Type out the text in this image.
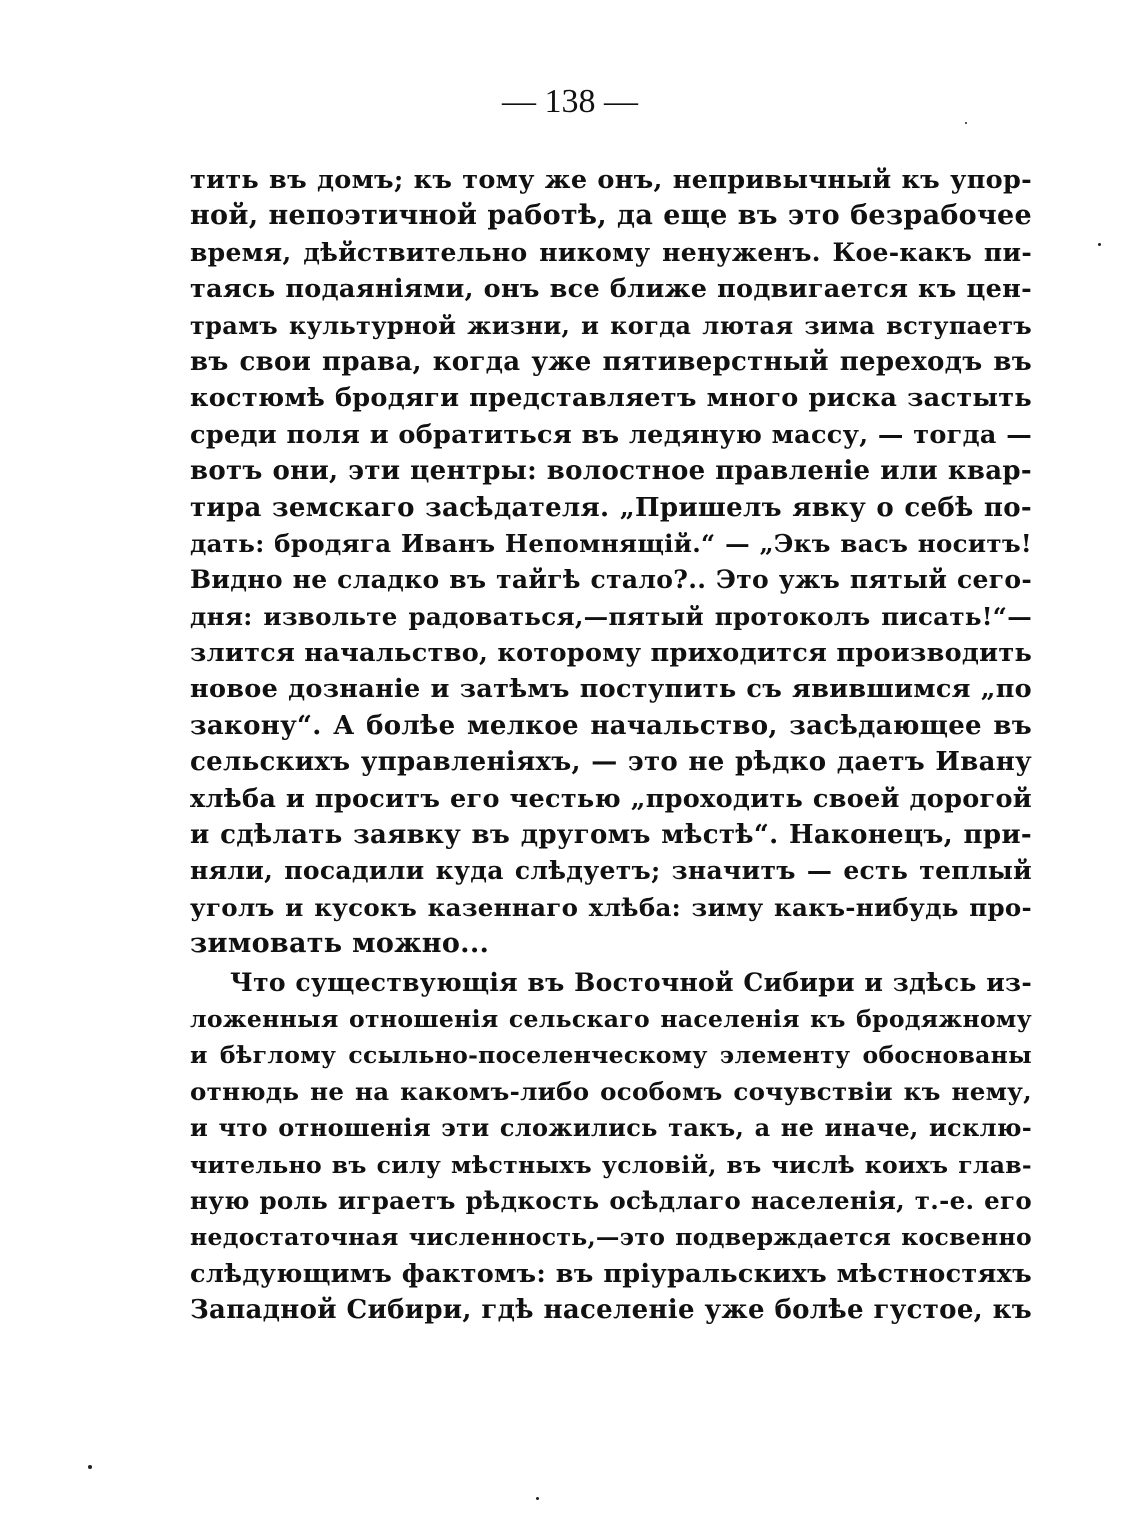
— 138 —
тить въ домъ; къ тому же онъ, непривычный къ упор-
ной, непоэтичной работѣ, да еще въ это безрабочее
время, дѣйствительно никому ненуженъ. Кое-какъ пи-
таясь подаяніями, онъ все ближе подвигается къ цен-
трамъ культурной жизни, и когда лютая зима вступаетъ
въ свои права, когда уже пятиверстный переходъ въ
костюмѣ бродяги представляетъ много риска застыть
среди поля и обратиться въ ледяную массу, — тогда —
вотъ они, эти центры: волостное правленіе или квар-
тира земскаго засѣдателя. „Пришелъ явку о себѣ по-
дать: бродяга Иванъ Непомнящій.“ — „Экъ васъ носитъ!
Видно не сладко въ тайгѣ стало?.. Это ужъ пятый сего-
дня: извольте радоваться,—пятый протоколъ писать!“—
злится начальство, которому приходится производить
новое дознаніе и затѣмъ поступить съ явившимся „по
закону“. А болѣе мелкое начальство, засѣдающее въ
сельскихъ управленіяхъ, — это не рѣдко даетъ Ивану
хлѣба и проситъ его честью „проходить своей дорогой
и сдѣлать заявку въ другомъ мѣстѣ“. Наконецъ, при-
няли, посадили куда слѣдуетъ; значитъ — есть теплый
уголъ и кусокъ казеннаго хлѣба: зиму какъ-нибудь про-
зимовать можно...
Что существующія въ Восточной Сибири и здѣсь из-
ложенныя отношенія сельскаго населенія къ бродяжному
и бѣглому ссыльно-поселенческому элементу обоснованы
отнюдь не на какомъ-либо особомъ сочувствіи къ нему,
и что отношенія эти сложились такъ, а не иначе, исклю-
чительно въ силу мѣстныхъ условій, въ числѣ коихъ глав-
ную роль играетъ рѣдкость осѣдлаго населенія, т.-е. его
недостаточная численность,—это подверждается косвенно
слѣдующимъ фактомъ: въ пріуральскихъ мѣстностяхъ
Западной Сибири, гдѣ населеніе уже болѣе густое, къ
